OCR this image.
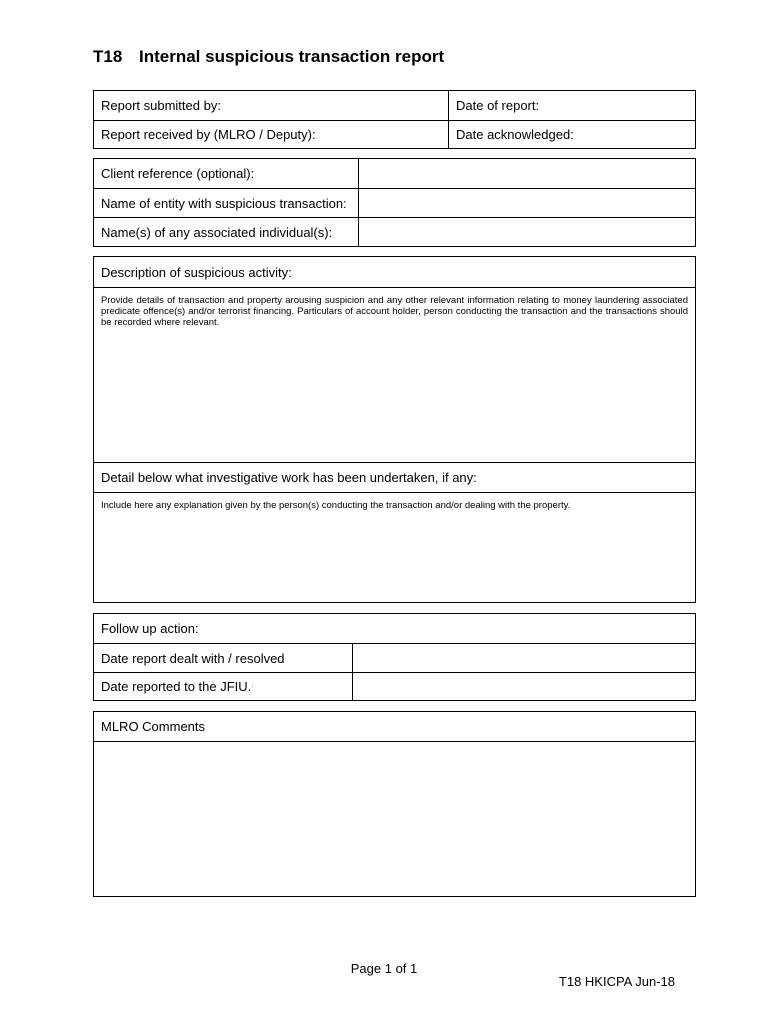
T18 Internal suspicious transaction report
Report submitted by:	Date of report:
Report received by (MLRO / Deputy):	Date acknowledged:
Client reference (optional):
Name of entity with suspicious transaction:
Name(s) of any associated individual(s):
Description of suspicious activity:
Provide details of transaction and property arousing suspicion and any other relevant information relating to money laundering associated predicate offence(s) and/or terrorist financing. Particulars of account holder, person conducting the transaction and the transactions should be recorded where relevant.
Detail below what investigative work has been undertaken, if any:
Include here any explanation given by the person(s) conducting the transaction and/or dealing with the property.
Follow up action:
Date report dealt with / resolved
Date reported to the JFIU. ·
MLRO Comments
Page 1 of 1
T18 HKICPA Jun-18
